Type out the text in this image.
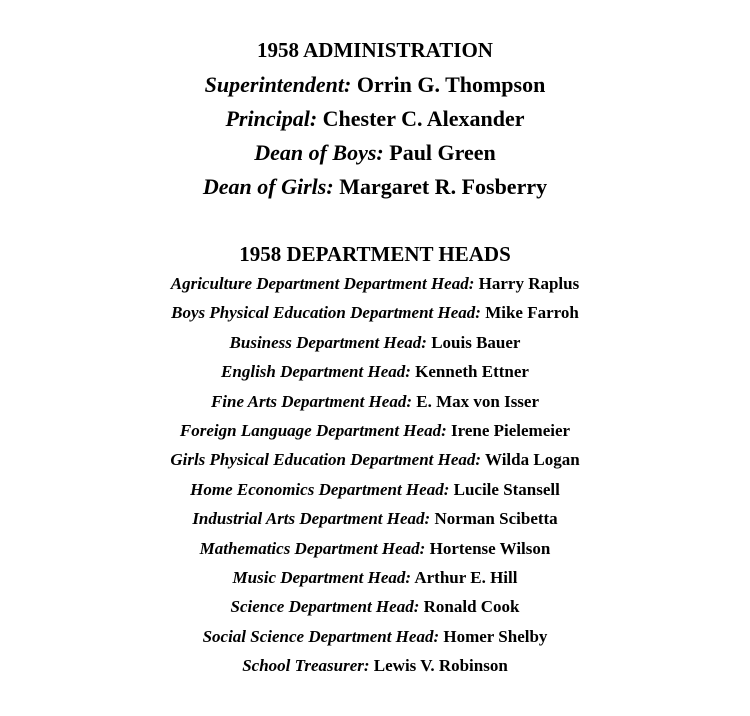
1958 ADMINISTRATION
Superintendent: Orrin G. Thompson
Principal: Chester C. Alexander
Dean of Boys: Paul Green
Dean of Girls: Margaret R. Fosberry
1958 DEPARTMENT HEADS
Agriculture Department Department Head: Harry Raplus
Boys Physical Education Department Head: Mike Farroh
Business Department Head: Louis Bauer
English Department Head: Kenneth Ettner
Fine Arts Department Head: E. Max von Isser
Foreign Language Department Head: Irene Pielemeier
Girls Physical Education Department Head: Wilda Logan
Home Economics Department Head: Lucile Stansell
Industrial Arts Department Head: Norman Scibetta
Mathematics Department Head: Hortense Wilson
Music Department Head: Arthur E. Hill
Science Department Head: Ronald Cook
Social Science Department Head: Homer Shelby
School Treasurer: Lewis V. Robinson
